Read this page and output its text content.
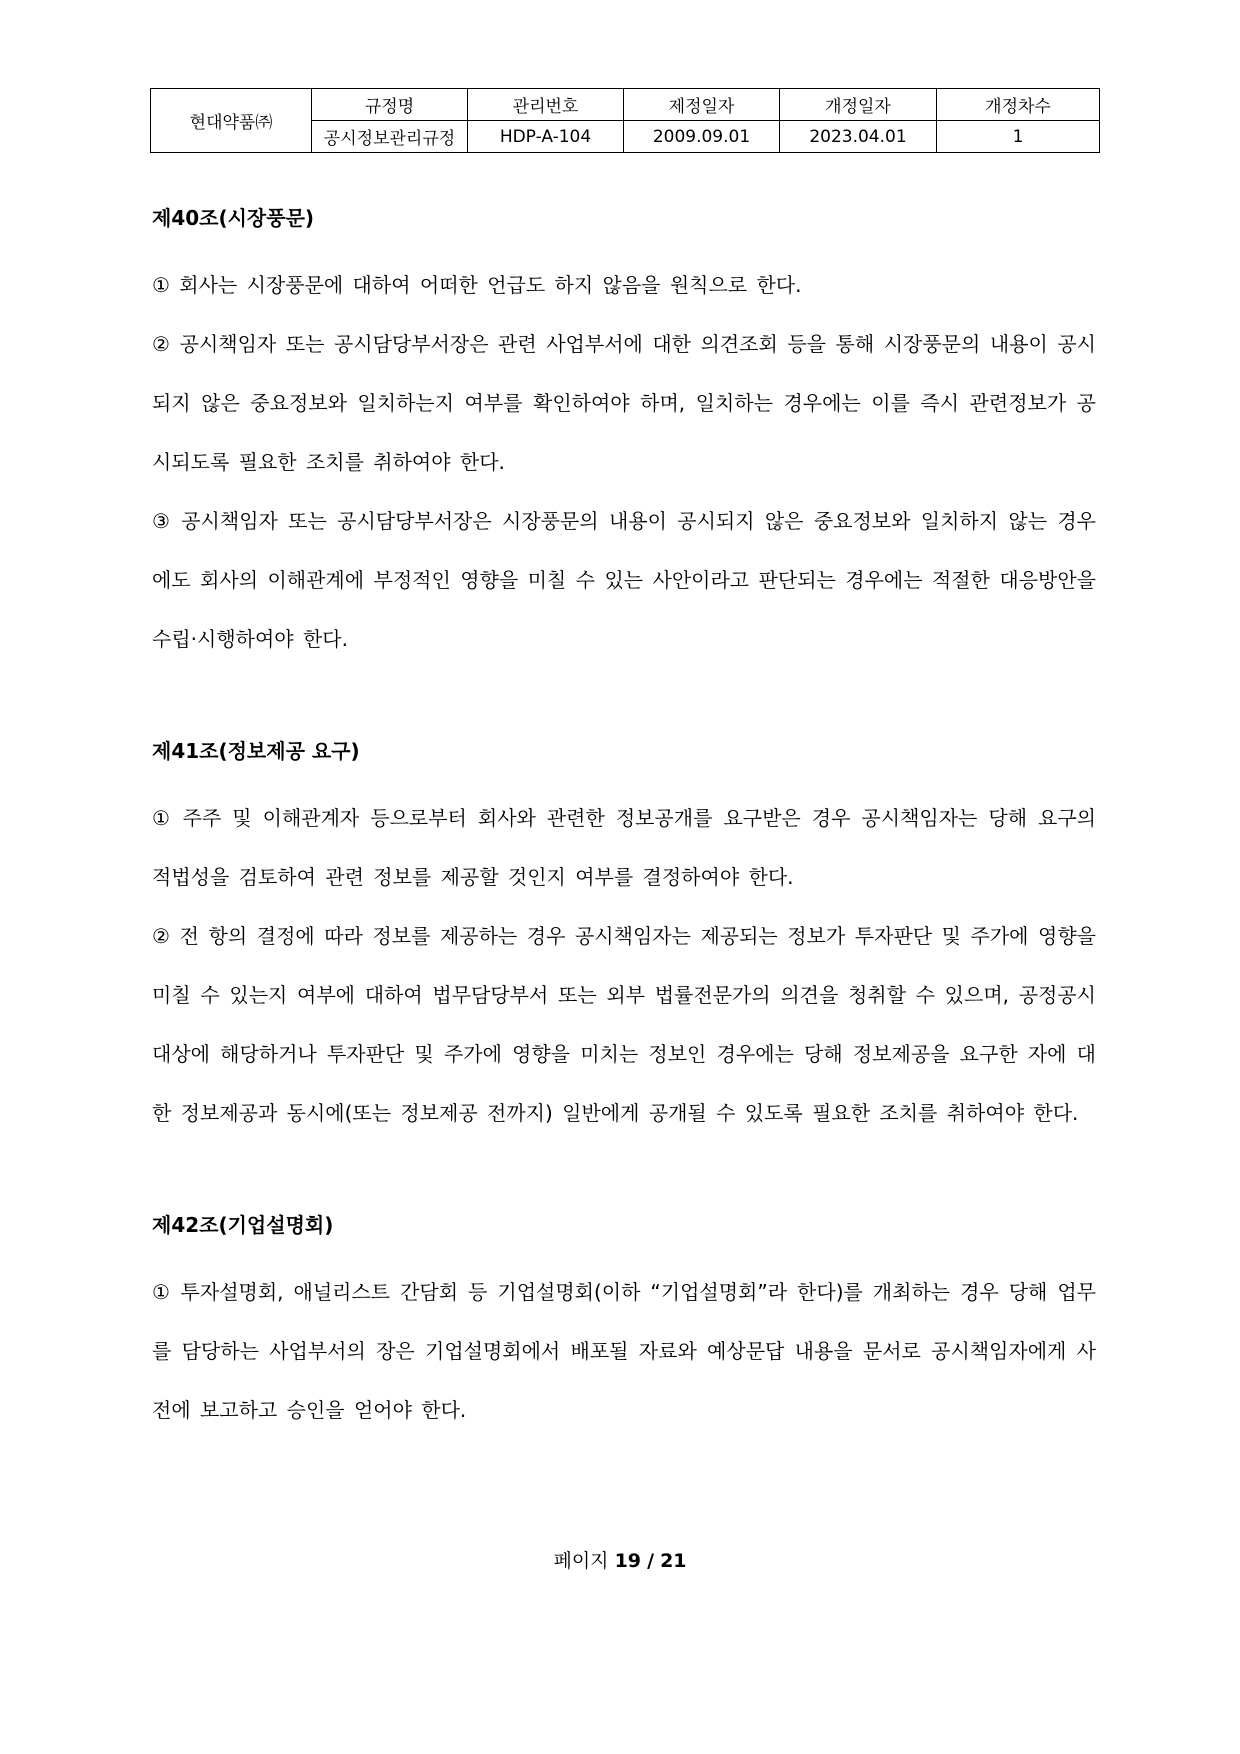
현대약품㈜	규정명	관리번호	제정일자	개정일자	개정차수
	공시정보관리규정	HDP-A-104	2009.09.01	2023.04.01	1
제40조(시장풍문)

① 회사는 시장풍문에 대하여 어떠한 언급도 하지 않음을 원칙으로 한다.

② 공시책임자 또는 공시담당부서장은 관련 사업부서에 대한 의견조회 등을 통해 시장풍문의 내용이 공시되지 않은 중요정보와 일치하는지 여부를 확인하여야 하며, 일치하는 경우에는 이를 즉시 관련정보가 공시되도록 필요한 조치를 취하여야 한다.

③ 공시책임자 또는 공시담당부서장은 시장풍문의 내용이 공시되지 않은 중요정보와 일치하지 않는 경우에도 회사의 이해관계에 부정적인 영향을 미칠 수 있는 사안이라고 판단되는 경우에는 적절한 대응방안을 수립·시행하여야 한다.

제41조(정보제공 요구)

① 주주 및 이해관계자 등으로부터 회사와 관련한 정보공개를 요구받은 경우 공시책임자는 당해 요구의 적법성을 검토하여 관련 정보를 제공할 것인지 여부를 결정하여야 한다.

② 전 항의 결정에 따라 정보를 제공하는 경우 공시책임자는 제공되는 정보가 투자판단 및 주가에 영향을 미칠 수 있는지 여부에 대하여 법무담당부서 또는 외부 법률전문가의 의견을 청취할 수 있으며, 공정공시 대상에 해당하거나 투자판단 및 주가에 영향을 미치는 정보인 경우에는 당해 정보제공을 요구한 자에 대한 정보제공과 동시에(또는 정보제공 전까지) 일반에게 공개될 수 있도록 필요한 조치를 취하여야 한다.

제42조(기업설명회)

① 투자설명회, 애널리스트 간담회 등 기업설명회(이하 “기업설명회”라 한다)를 개최하는 경우 당해 업무를 담당하는 사업부서의 장은 기업설명회에서 배포될 자료와 예상문답 내용을 문서로 공시책임자에게 사전에 보고하고 승인을 얻어야 한다.

페이지 19 / 21
